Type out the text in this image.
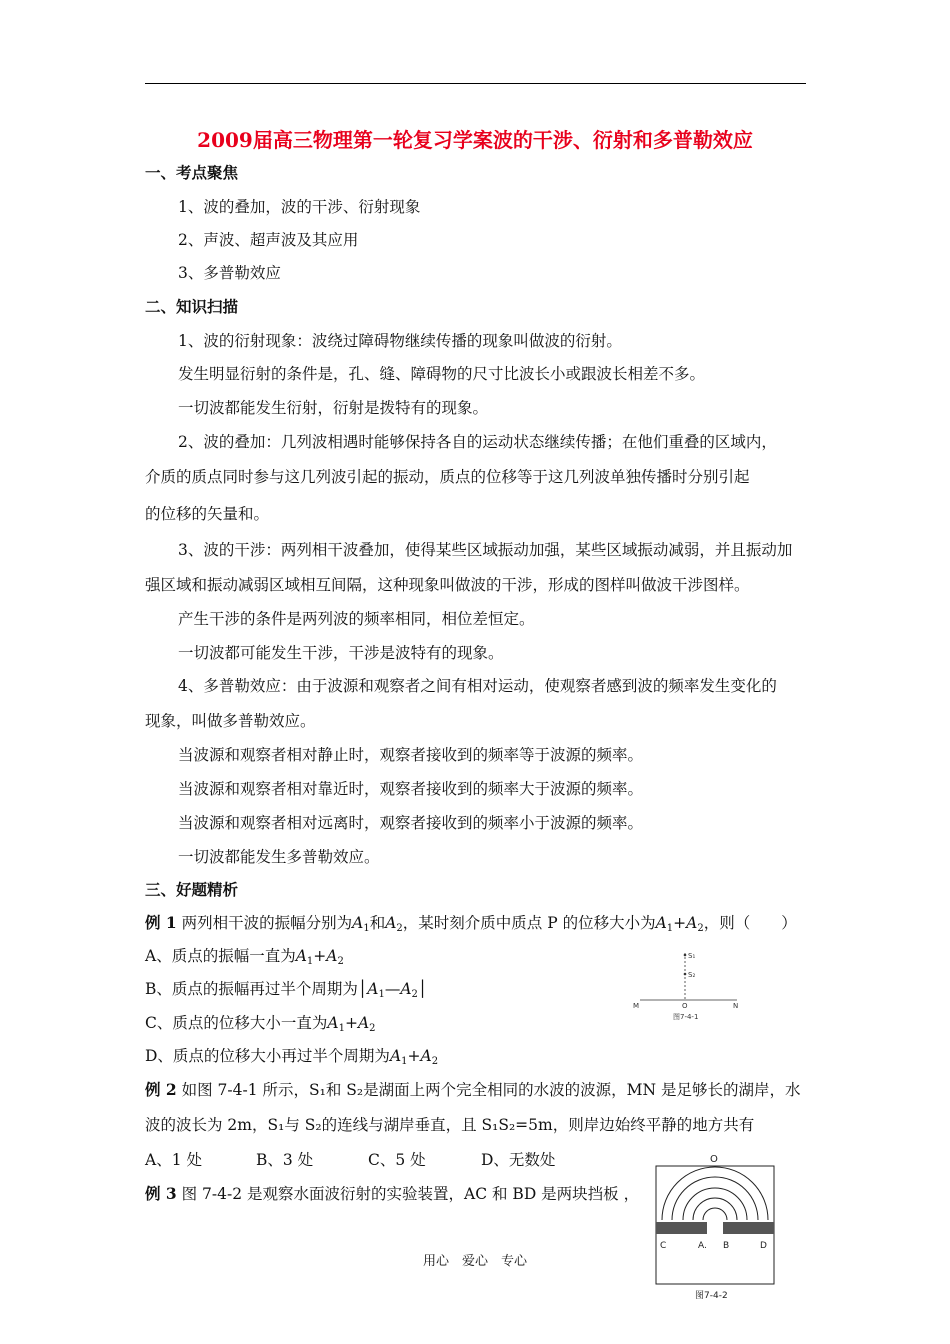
2009届高三物理第一轮复习学案波的干涉、衍射和多普勒效应
一、考点聚焦
1、波的叠加，波的干涉、衍射现象
2、声波、超声波及其应用
3、多普勒效应
二、知识扫描
1、波的衍射现象：波绕过障碍物继续传播的现象叫做波的衍射。
发生明显衍射的条件是，孔、缝、障碍物的尺寸比波长小或跟波长相差不多。
一切波都能发生衍射，衍射是拨特有的现象。
2、波的叠加：几列波相遇时能够保持各自的运动状态继续传播；在他们重叠的区域内，
介质的质点同时参与这几列波引起的振动，质点的位移等于这几列波单独传播时分别引起
的位移的矢量和。
3、波的干涉：两列相干波叠加，使得某些区域振动加强，某些区域振动减弱，并且振动加
强区域和振动减弱区域相互间隔，这种现象叫做波的干涉，形成的图样叫做波干涉图样。
产生干涉的条件是两列波的频率相同，相位差恒定。
一切波都可能发生干涉，干涉是波特有的现象。
4、多普勒效应：由于波源和观察者之间有相对运动，使观察者感到波的频率发生变化的
现象，叫做多普勒效应。
当波源和观察者相对静止时，观察者接收到的频率等于波源的频率。
当波源和观察者相对靠近时，观察者接收到的频率大于波源的频率。
当波源和观察者相对远离时，观察者接收到的频率小于波源的频率。
一切波都能发生多普勒效应。
三、好题精析
例 1 两列相干波的振幅分别为$A_1$和$A_2$，某时刻介质中质点 P 的位移大小为$A_1+A_2$，则（　　）
A、质点的振幅一直为$A_1+A_2$
B、质点的振幅再过半个周期为$│A_1—A_2│$
C、质点的位移大小一直为$A_1+A_2$
D、质点的位移大小再过半个周期为$A_1+A_2$
例 2 如图 7-4-1 所示，S₁和 S₂是湖面上两个完全相同的水波的波源，MN 是足够长的湖岸，水
波的波长为 2m，S₁与 S₂的连线与湖岸垂直，且 S₁S₂=5m，则岸边始终平静的地方共有
A、1 处	B、3 处	C、5 处	D、无数处
例 3 图 7-4-2 是观察水面波衍射的实验装置，AC 和 BD 是两块挡板 ，
S₁
S₂
M	O	N
图7-4-1
O
C	A. B	D
图7-4-2
用心　爱心　专心
